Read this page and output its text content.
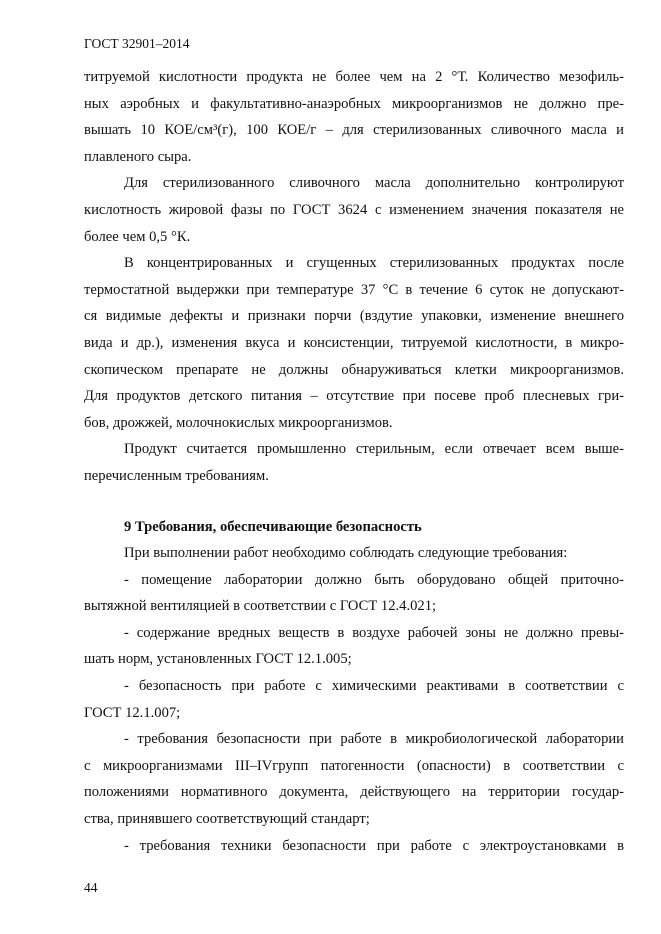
ГОСТ 32901–2014

титруемой кислотности продукта не более чем на 2 °Т. Количество мезофиль-

ных аэробных и факультативно-анаэробных микроорганизмов не должно пре-

вышать 10 КОЕ/см³(г), 100 КОЕ/г – для стерилизованных сливочного масла и

плавленого сыра.

Для стерилизованного сливочного масла дополнительно контролируют

кислотность жировой фазы по ГОСТ 3624 с изменением значения показателя не

более чем 0,5 °К.

В концентрированных и сгущенных стерилизованных продуктах после

термостатной выдержки при температуре 37 °С в течение 6 суток не допускают-

ся видимые дефекты и признаки порчи (вздутие упаковки, изменение внешнего

вида и др.), изменения вкуса и консистенции, титруемой кислотности, в микро-

скопическом препарате не должны обнаруживаться клетки микроорганизмов.

Для продуктов детского питания – отсутствие при посеве проб плесневых гри-

бов, дрожжей, молочнокислых микроорганизмов.

Продукт считается промышленно стерильным, если отвечает всем выше-

перечисленным требованиям.

9 Требования, обеспечивающие безопасность

При выполнении работ необходимо соблюдать следующие требования:

- помещение лаборатории должно быть оборудовано общей приточно-

вытяжной вентиляцией в соответствии с ГОСТ 12.4.021;

- содержание вредных веществ в воздухе рабочей зоны не должно превы-

шать норм, установленных ГОСТ 12.1.005;

- безопасность при работе с химическими реактивами в соответствии с

ГОСТ 12.1.007;

- требования безопасности при работе в микробиологической лаборатории

с микроорганизмами III–IVгрупп патогенности (опасности) в соответствии с

положениями нормативного документа, действующего на территории государ-

ства, принявшего соответствующий стандарт;

- требования техники безопасности при работе с электроустановками в

44
